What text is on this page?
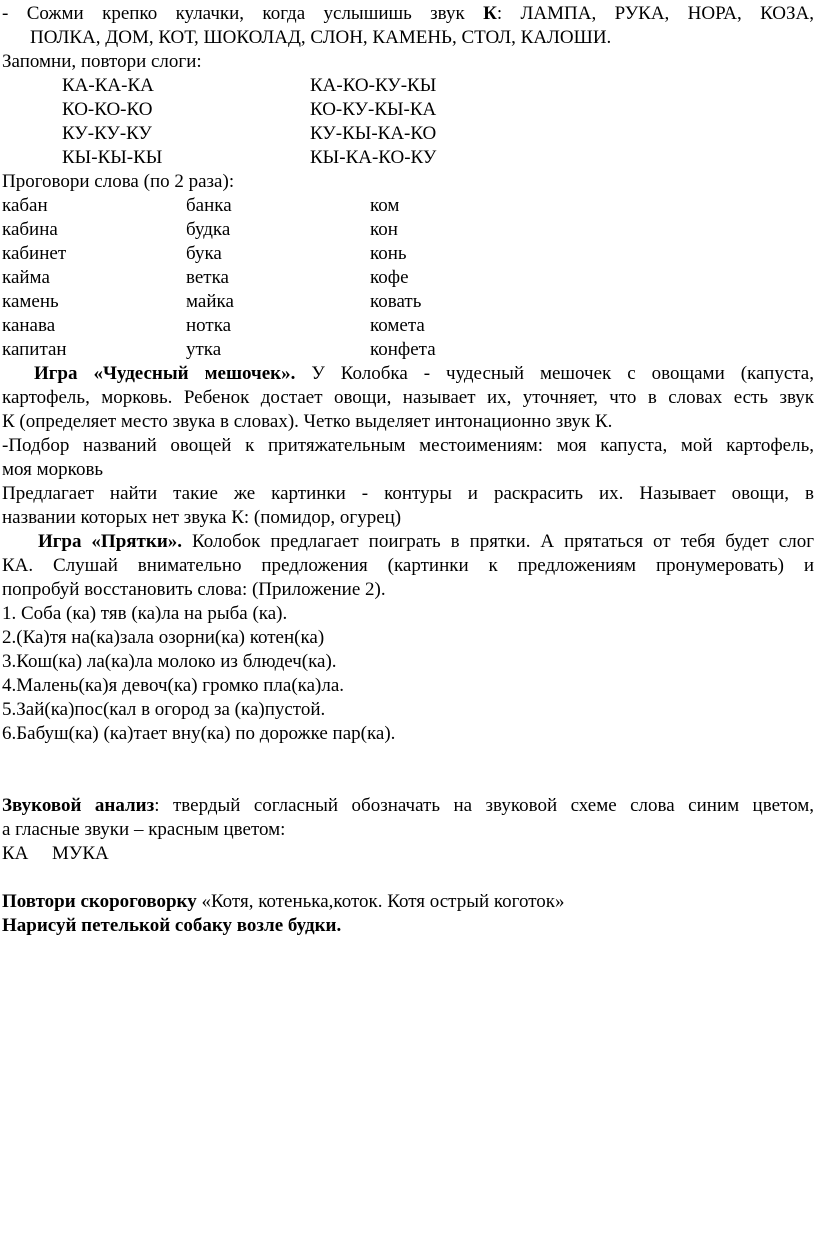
- Сожми крепко кулачки, когда услышишь звук К: ЛАМПА, РУКА, НОРА, КОЗА,
ПОЛКА, ДОМ, КОТ, ШОКОЛАД, СЛОН, КАМЕНЬ, СТОЛ, КАЛОШИ.
Запомни, повтори слоги:
КА-КА-КА	КА-КО-КУ-КЫ
КО-КО-КО	КО-КУ-КЫ-КА
КУ-КУ-КУ	КУ-КЫ-КА-КО
КЫ-КЫ-КЫ	КЫ-КА-КО-КУ
Проговори слова (по 2 раза):
кабан	банка	ком
кабина	будка	кон
кабинет	бука	конь
кайма	ветка	кофе
камень	майка	ковать
канава	нотка	комета
капитан	утка	конфета
Игра «Чудесный мешочек». У Колобка - чудесный мешочек с овощами (капуста,
картофель, морковь. Ребенок достает овощи, называет их, уточняет, что в словах есть звук
К (определяет место звука в словах). Четко выделяет интонационно звук К.
-Подбор названий овощей к притяжательным местоимениям: моя капуста, мой картофель,
моя морковь
Предлагает найти такие же картинки - контуры и раскрасить их. Называет овощи, в
названии которых нет звука К: (помидор, огурец)
Игра «Прятки». Колобок предлагает поиграть в прятки. А прятаться от тебя будет слог
КА. Слушай внимательно предложения (картинки к предложениям пронумеровать) и
попробуй восстановить слова: (Приложение 2).
1. Соба (ка) тяв (ка)ла на рыба (ка).
2.(Ка)тя на(ка)зала озорни(ка) котен(ка)
3.Кош(ка) ла(ка)ла молоко из блюдеч(ка).
4.Малень(ка)я девоч(ка) громко пла(ка)ла.
5.Зай(ка)пос(кал в огород за (ка)пустой.
6.Бабуш(ка) (ка)тает вну(ка) по дорожке пар(ка).
Звуковой анализ: твердый согласный обозначать на звуковой схеме слова синим цветом,
а гласные звуки – красным цветом:
КА МУКА
Повтори скороговорку «Котя, котенька,коток. Котя острый коготок»
Нарисуй петелькой собаку возле будки.
